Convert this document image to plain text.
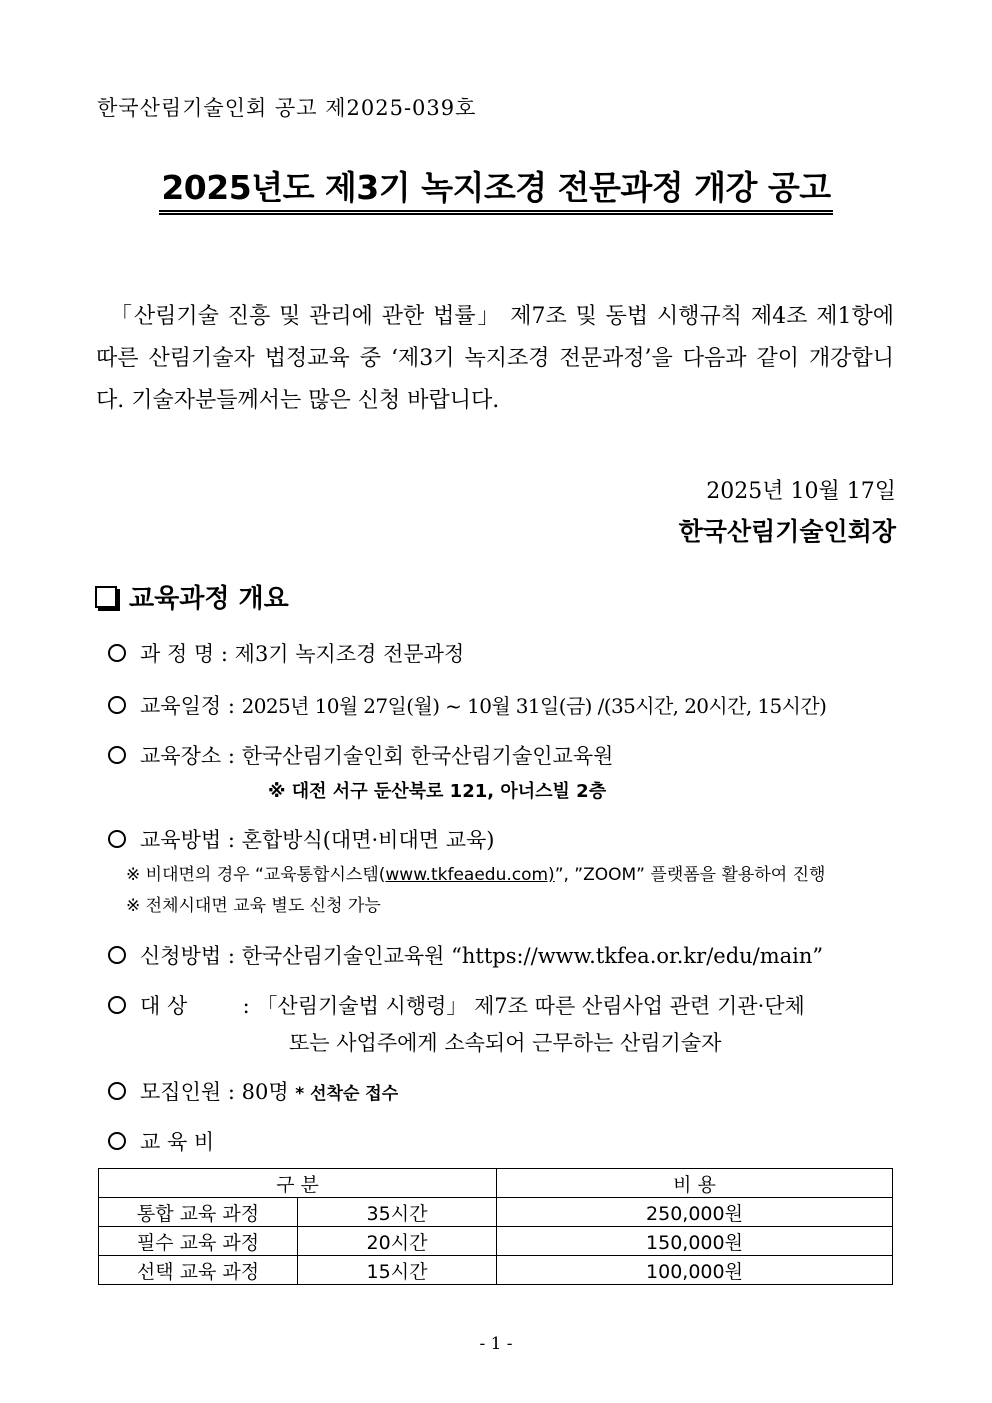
한국산림기술인회 공고 제2025-039호
2025년도 제3기 녹지조경 전문과정 개강 공고
「산림기술 진흥 및 관리에 관한 법률」 제7조 및 동법 시행규칙 제4조 제1항에 따른 산림기술자 법정교육 중 ‘제3기 녹지조경 전문과정’을 다음과 같이 개강합니다. 기술자분들께서는 많은 신청 바랍니다.
2025년 10월 17일
한국산림기술인회장
교육과정 개요
과 정 명 : 제3기 녹지조경 전문과정
교육일정 : 2025년 10월 27일(월) ~ 10월 31일(금) /(35시간, 20시간, 15시간)
교육장소 : 한국산림기술인회 한국산림기술인교육원
※ 대전 서구 둔산북로 121, 아너스빌 2층
교육방법 : 혼합방식(대면·비대면 교육)
※ 비대면의 경우 “교육통합시스템(www.tkfeaedu.com)”, ”ZOOM” 플랫폼을 활용하여 진행
※ 전체시대면 교육 별도 신청 가능
신청방법 : 한국산림기술인교육원 “https://www.tkfea.or.kr/edu/main”
대 상 : 「산림기술법 시행령」 제7조 따른 산림사업 관련 기관·단체
또는 사업주에게 소속되어 근무하는 산림기술자
모집인원 : 80명 * 선착순 접수
교 육 비
구 분		비 용
통합 교육 과정	35시간	250,000원
필수 교육 과정	20시간	150,000원
선택 교육 과정	15시간	100,000원
- 1 -
